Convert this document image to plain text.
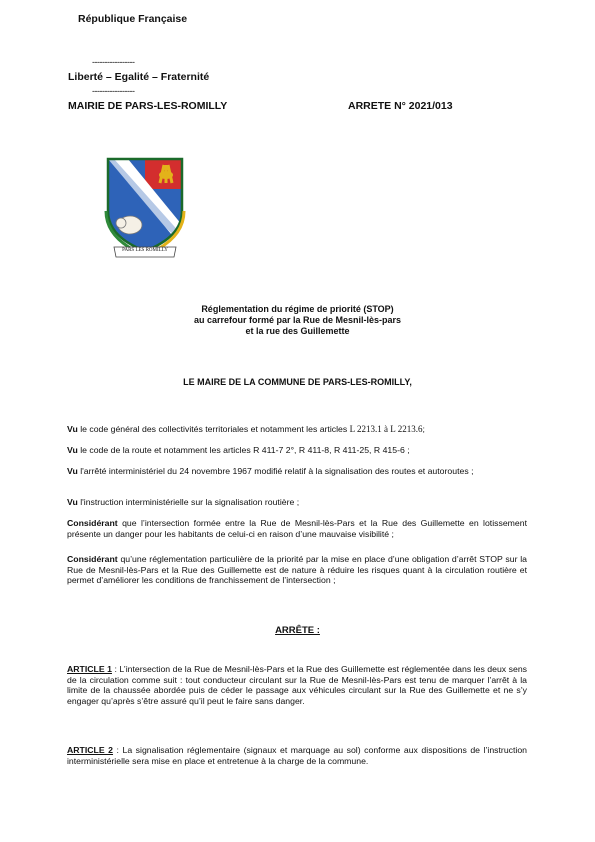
République Française
-----------------
Liberté – Egalité – Fraternité
-----------------
MAIRIE DE PARS-LES-ROMILLY	ARRETE N° 2021/013
PARS LES ROMILLY
Réglementation du régime de priorité (STOP)
au carrefour formé par la Rue de Mesnil-lès-pars
et la rue des Guillemette
LE MAIRE DE LA COMMUNE DE PARS-LES-ROMILLY,
Vu le code général des collectivités territoriales et notamment les articles L 2213.1 à L 2213.6;
Vu le code de la route et notamment les articles R 411-7 2°, R 411-8, R 411-25, R 415-6 ;
Vu l'arrêté interministériel du 24 novembre 1967 modifié relatif à la signalisation des routes et autoroutes ;
Vu l'instruction interministérielle sur la signalisation routière ;
Considérant que l’intersection formée entre la Rue de Mesnil-lès-Pars et la Rue des Guillemette en lotissement présente un danger pour les habitants de celui-ci en raison d’une mauvaise visibilité ;
Considérant qu’une réglementation particulière de la priorité par la mise en place d’une obligation d’arrêt STOP sur la Rue de Mesnil-lès-Pars et la Rue des Guillemette est de nature à réduire les risques quant à la circulation routière et permet d’améliorer les conditions de franchissement de l’intersection ;
ARRÊTE :
ARTICLE 1 : L’intersection de la Rue de Mesnil-lès-Pars et la Rue des Guillemette est réglementée dans les deux sens de la circulation comme suit : tout conducteur circulant sur la Rue de Mesnil-lès-Pars est tenu de marquer l’arrêt à la limite de la chaussée abordée puis de céder le passage aux véhicules circulant sur la Rue des Guillemette et ne s’y engager qu’après s’être assuré qu’il peut le faire sans danger.
ARTICLE 2 : La signalisation réglementaire (signaux et marquage au sol) conforme aux dispositions de l’instruction interministérielle sera mise en place et entretenue à la charge de la commune.
